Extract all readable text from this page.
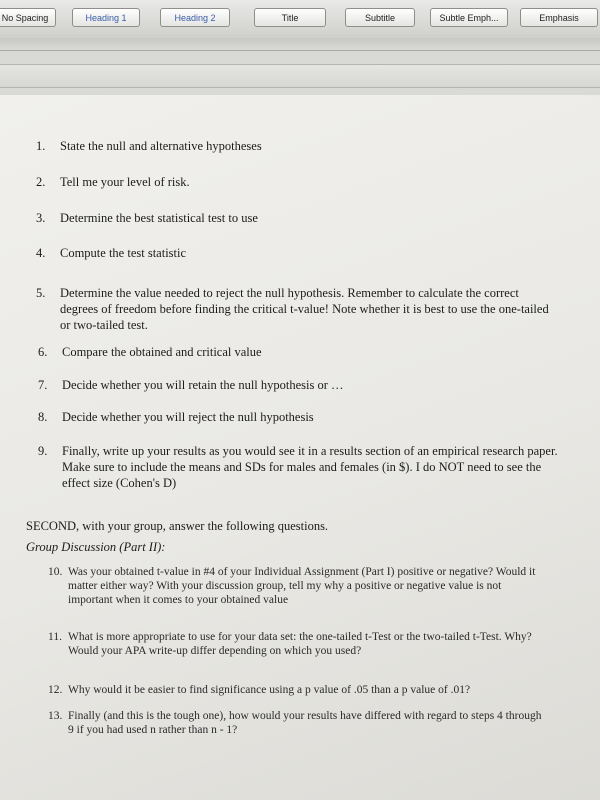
No Spacing	Heading 1	Heading 2	Title	Subtitle	Subtle Emph...	Emphasis
1. State the null and alternative hypotheses
2. Tell me your level of risk.
3. Determine the best statistical test to use
4. Compute the test statistic
5. Determine the value needed to reject the null hypothesis. Remember to calculate the correct degrees of freedom before finding the critical t-value! Note whether it is best to use the one-tailed or two-tailed test.
6. Compare the obtained and critical value
7. Decide whether you will retain the null hypothesis or …
8. Decide whether you will reject the null hypothesis
9. Finally, write up your results as you would see it in a results section of an empirical research paper. Make sure to include the means and SDs for males and females (in $). I do NOT need to see the effect size (Cohen's D)
SECOND, with your group, answer the following questions.
Group Discussion (Part II):
10. Was your obtained t-value in #4 of your Individual Assignment (Part I) positive or negative? Would it matter either way? With your discussion group, tell my why a positive or negative value is not important when it comes to your obtained value
11. What is more appropriate to use for your data set: the one-tailed t-Test or the two-tailed t-Test. Why? Would your APA write-up differ depending on which you used?
12. Why would it be easier to find significance using a p value of .05 than a p value of .01?
13. Finally (and this is the tough one), how would your results have differed with regard to steps 4 through 9 if you had used n rather than n - 1?
